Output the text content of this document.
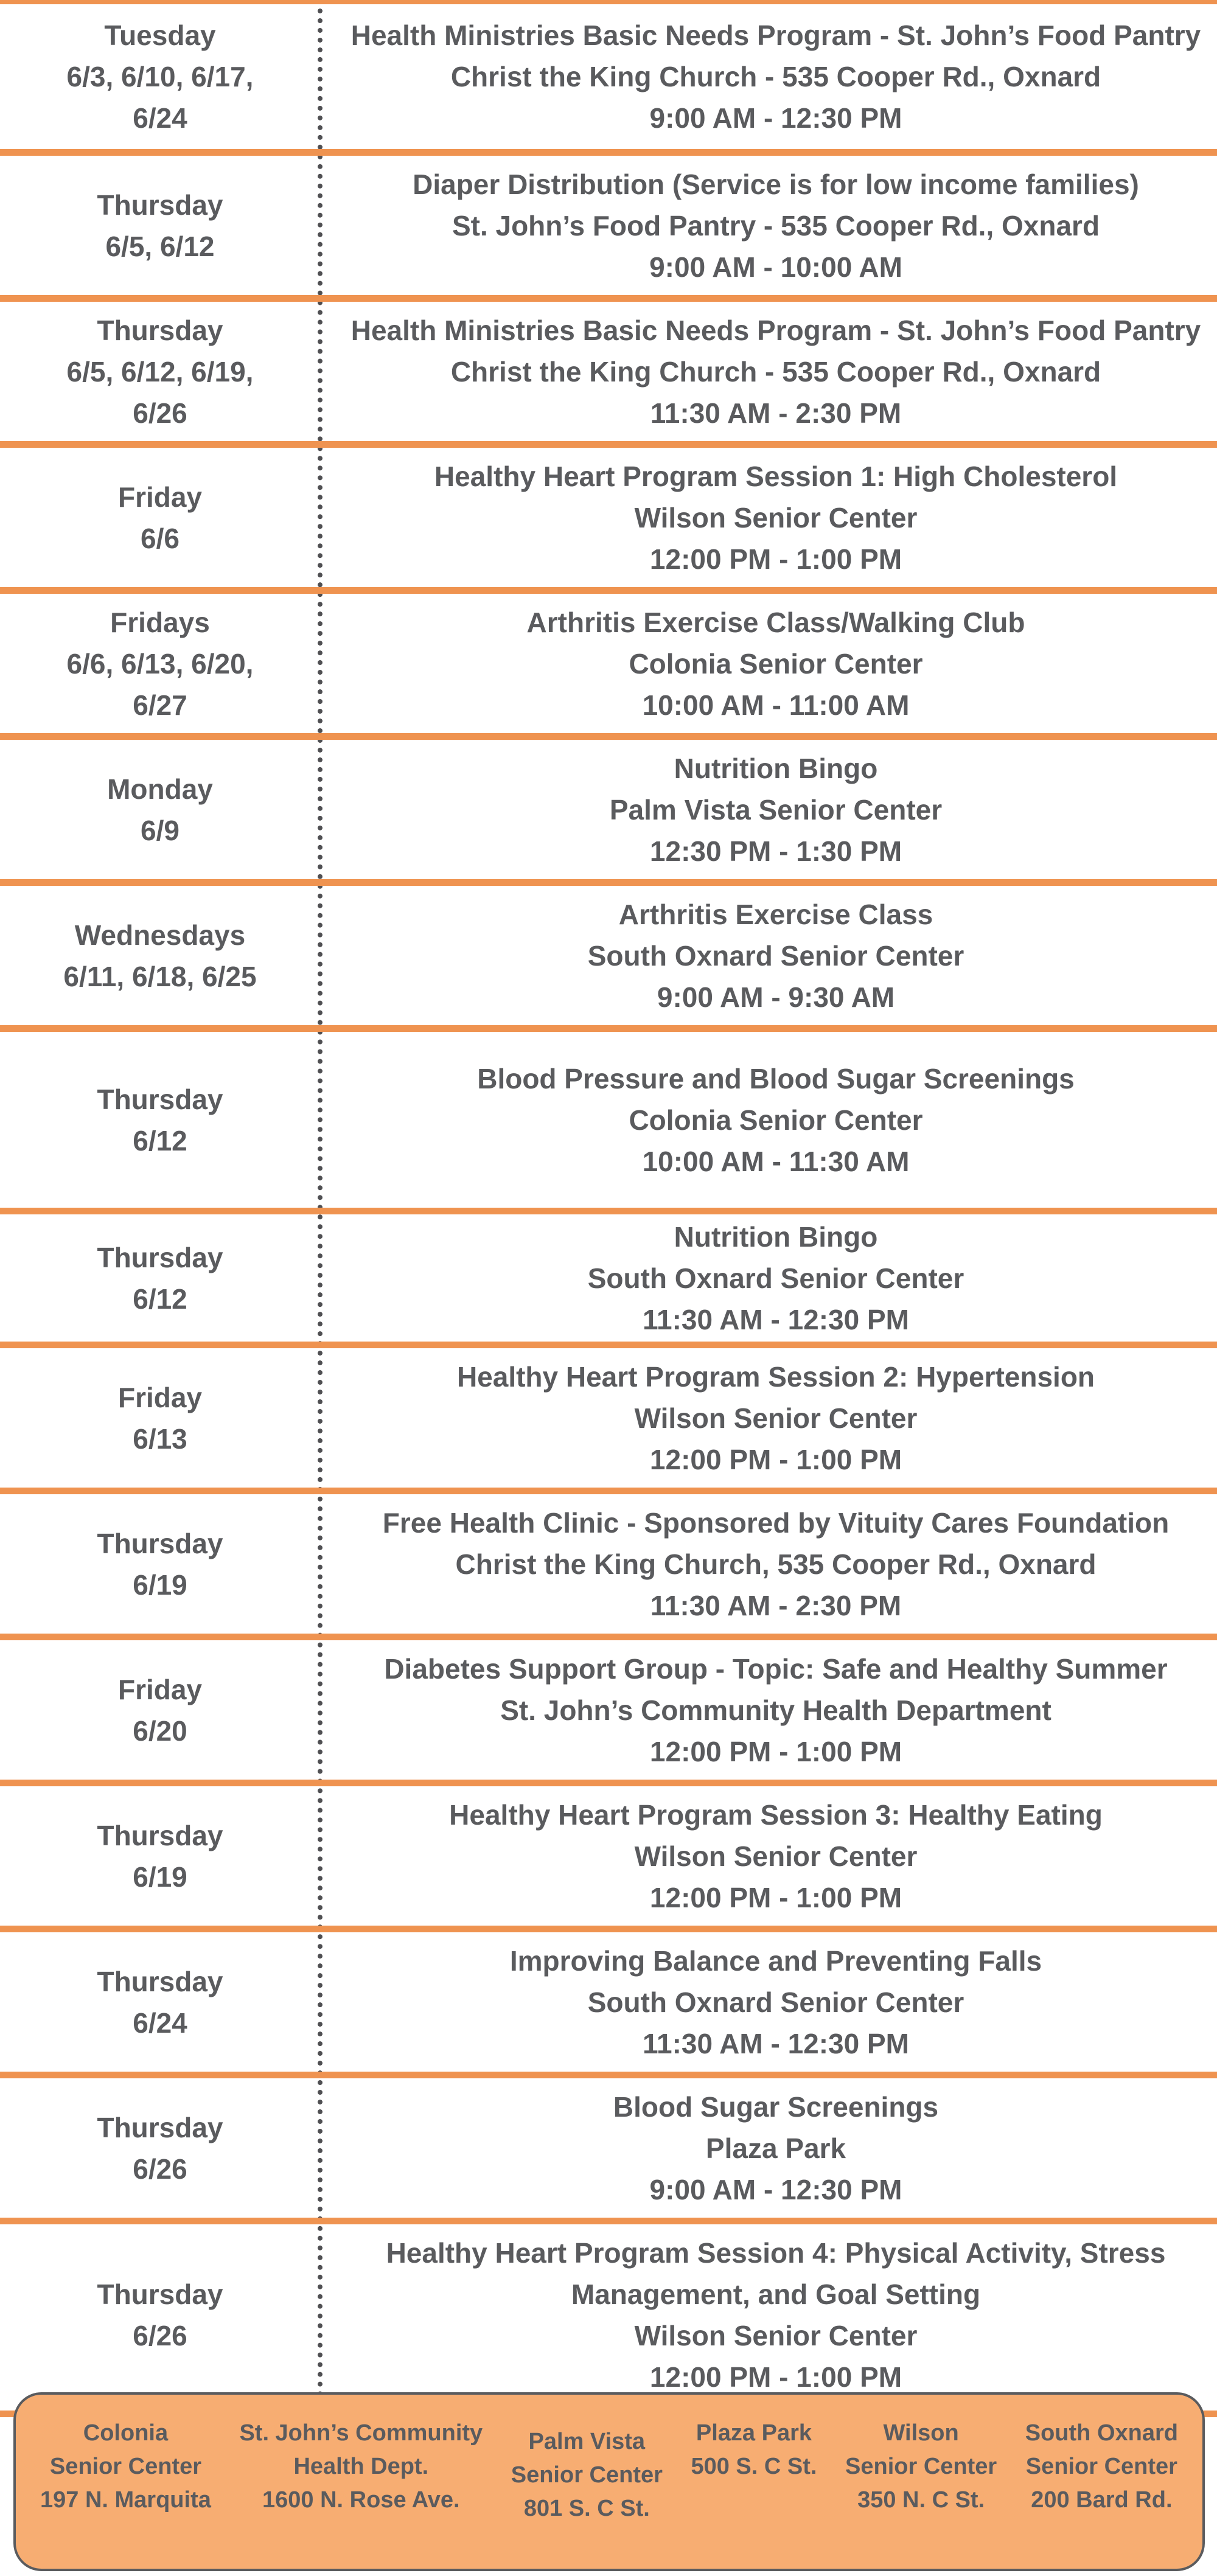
Tuesday
6/3, 6/10, 6/17,
6/24
Health Ministries Basic Needs Program - St. John’s Food Pantry
Christ the King Church - 535 Cooper Rd., Oxnard
9:00 AM - 12:30 PM
Thursday
6/5, 6/12
Diaper Distribution (Service is for low income families)
St. John’s Food Pantry - 535 Cooper Rd., Oxnard
9:00 AM - 10:00 AM
Thursday
6/5, 6/12, 6/19,
6/26
Health Ministries Basic Needs Program - St. John’s Food Pantry
Christ the King Church - 535 Cooper Rd., Oxnard
11:30 AM - 2:30 PM
Friday
6/6
Healthy Heart Program Session 1: High Cholesterol
Wilson Senior Center
12:00 PM - 1:00 PM
Fridays
6/6, 6/13, 6/20,
6/27
Arthritis Exercise Class/Walking Club
Colonia Senior Center
10:00 AM - 11:00 AM
Monday
6/9
Nutrition Bingo
Palm Vista Senior Center
12:30 PM - 1:30 PM
Wednesdays
6/11, 6/18, 6/25
Arthritis Exercise Class
South Oxnard Senior Center
9:00 AM - 9:30 AM
Thursday
6/12
Blood Pressure and Blood Sugar Screenings
Colonia Senior Center
10:00 AM - 11:30 AM
Thursday
6/12
Nutrition Bingo
South Oxnard Senior Center
11:30 AM - 12:30 PM
Friday
6/13
Healthy Heart Program Session 2: Hypertension
Wilson Senior Center
12:00 PM - 1:00 PM
Thursday
6/19
Free Health Clinic - Sponsored by Vituity Cares Foundation
Christ the King Church, 535 Cooper Rd., Oxnard
11:30 AM - 2:30 PM
Friday
6/20
Diabetes Support Group - Topic: Safe and Healthy Summer
St. John’s Community Health Department
12:00 PM - 1:00 PM
Thursday
6/19
Healthy Heart Program Session 3: Healthy Eating
Wilson Senior Center
12:00 PM - 1:00 PM
Thursday
6/24
Improving Balance and Preventing Falls
South Oxnard Senior Center
11:30 AM - 12:30 PM
Thursday
6/26
Blood Sugar Screenings
Plaza Park
9:00 AM - 12:30 PM
Thursday
6/26
Healthy Heart Program Session 4: Physical Activity, Stress
Management, and Goal Setting
Wilson Senior Center
12:00 PM - 1:00 PM
Colonia
Senior Center
197 N. Marquita
St. John’s Community
Health Dept.
1600 N. Rose Ave.
Palm Vista
Senior Center
801 S. C St.
Plaza Park
500 S. C St.
Wilson
Senior Center
350 N. C St.
South Oxnard
Senior Center
200 Bard Rd.
